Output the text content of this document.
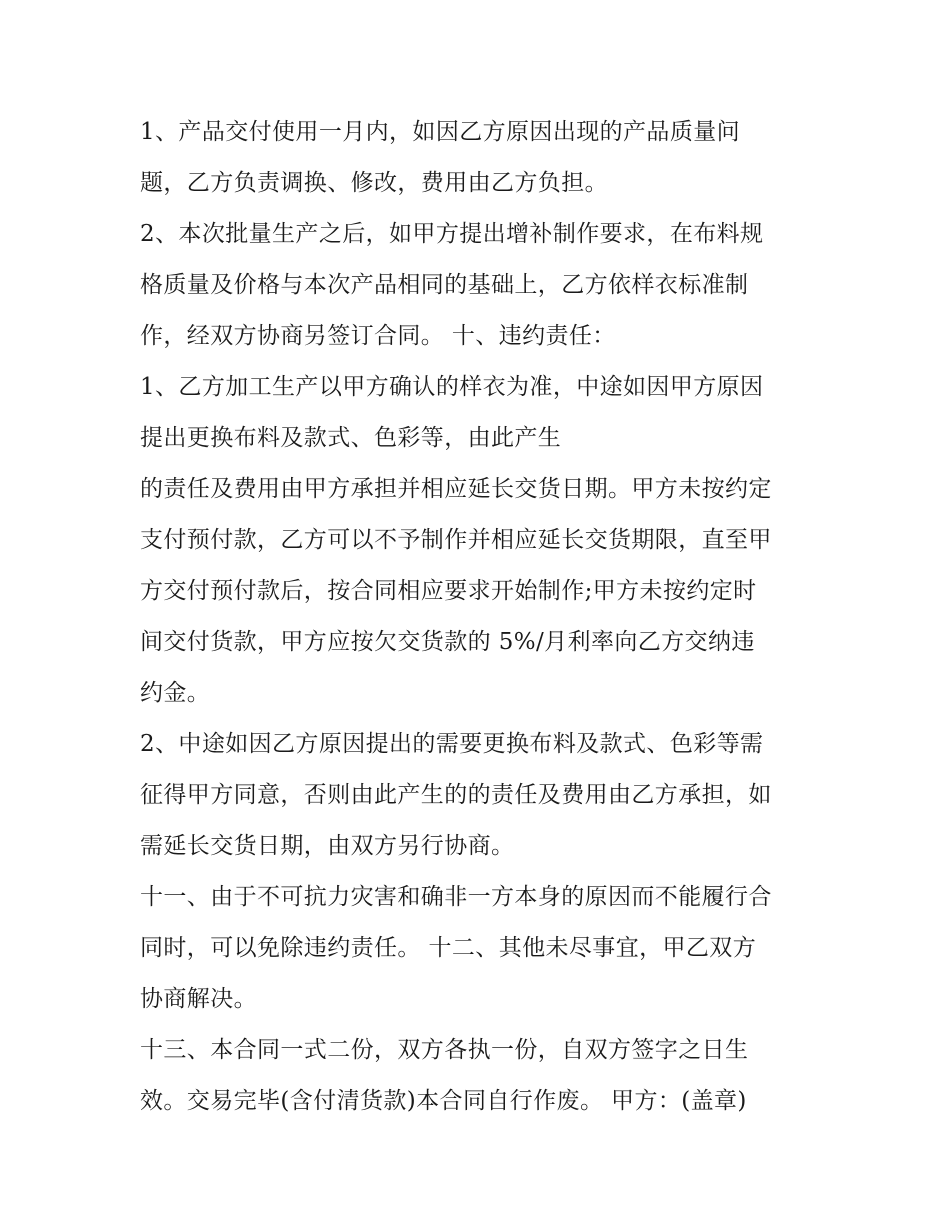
1、产品交付使用一月内，如因乙方原因出现的产品质量问
题，乙方负责调换、修改，费用由乙方负担。

2、本次批量生产之后，如甲方提出增补制作要求，在布料规
格质量及价格与本次产品相同的基础上，乙方依样衣标准制
作，经双方协商另签订合同。 十、违约责任：

1、乙方加工生产以甲方确认的样衣为准，中途如因甲方原因
提出更换布料及款式、色彩等，由此产生
的责任及费用由甲方承担并相应延长交货日期。甲方未按约定
支付预付款，乙方可以不予制作并相应延长交货期限，直至甲
方交付预付款后，按合同相应要求开始制作;甲方未按约定时
间交付货款，甲方应按欠交货款的 5%/月利率向乙方交纳违
约金。

2、中途如因乙方原因提出的需要更换布料及款式、色彩等需
征得甲方同意，否则由此产生的的责任及费用由乙方承担，如
需延长交货日期，由双方另行协商。

十一、由于不可抗力灾害和确非一方本身的原因而不能履行合
同时，可以免除违约责任。 十二、其他未尽事宜，甲乙双方
协商解决。

十三、本合同一式二份，双方各执一份，自双方签字之日生
效。交易完毕(含付清货款)本合同自行作废。 甲方：(盖章)
